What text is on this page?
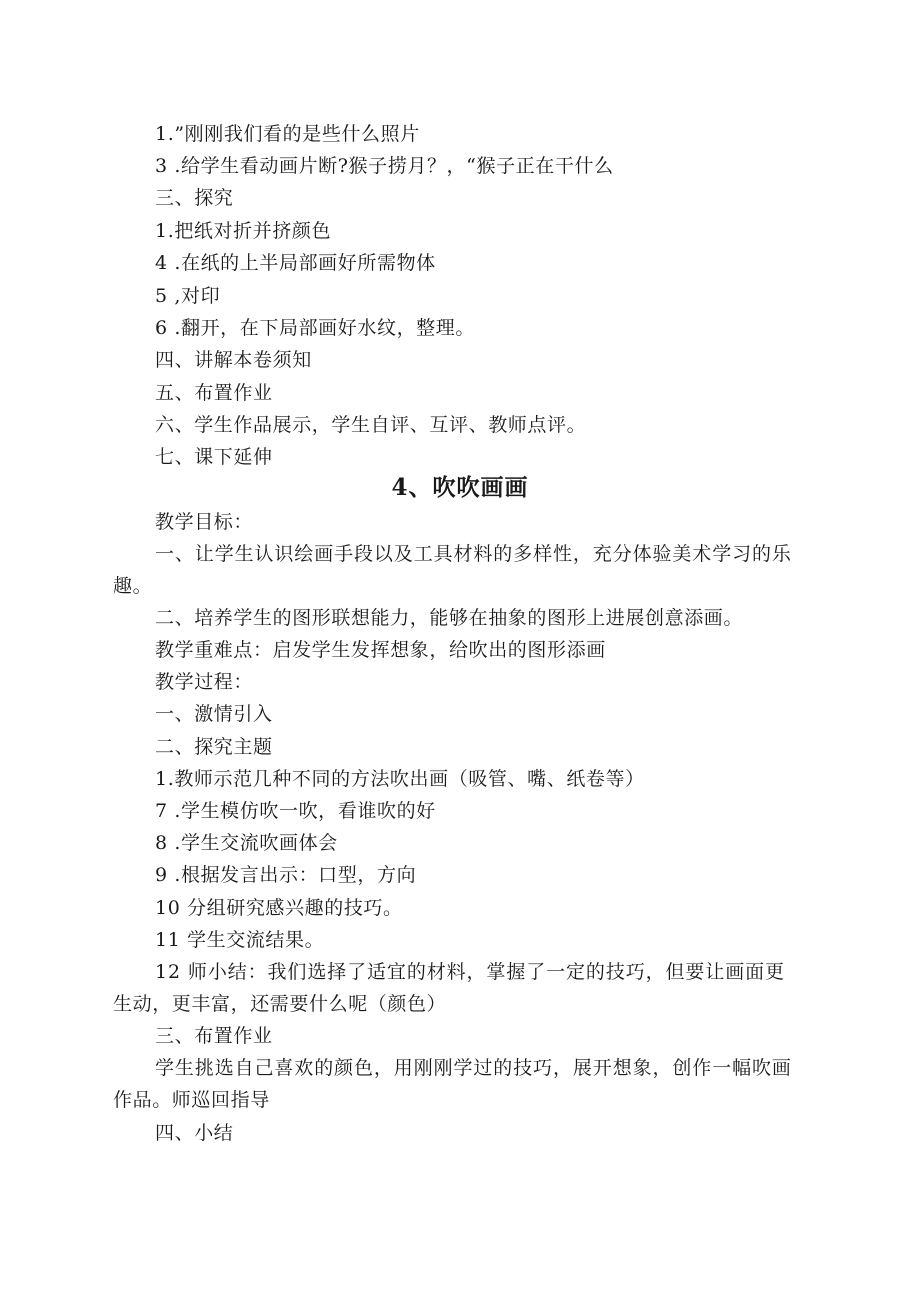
1.”刚刚我们看的是些什么照片
3 .给学生看动画片断?猴子捞月？，“猴子正在干什么
三、探究
1.把纸对折并挤颜色
4 .在纸的上半局部画好所需物体
5 ,对印
6 .翻开，在下局部画好水纹，整理。
四、讲解本卷须知
五、布置作业
六、学生作品展示，学生自评、互评、教师点评。
七、课下延伸
4、吹吹画画
教学目标：
一、让学生认识绘画手段以及工具材料的多样性，充分体验美术学习的乐
趣。
二、培养学生的图形联想能力，能够在抽象的图形上进展创意添画。
教学重难点：启发学生发挥想象，给吹出的图形添画
教学过程：
一、激情引入
二、探究主题
1.教师示范几种不同的方法吹出画（吸管、嘴、纸卷等）
7 .学生模仿吹一吹，看谁吹的好
8 .学生交流吹画体会
9 .根据发言出示：口型，方向
10 分组研究感兴趣的技巧。
11 学生交流结果。
12 师小结：我们选择了适宜的材料，掌握了一定的技巧，但要让画面更
生动，更丰富，还需要什么呢（颜色）
三、布置作业
学生挑选自己喜欢的颜色，用刚刚学过的技巧，展开想象，创作一幅吹画
作品。师巡回指导
四、小结
